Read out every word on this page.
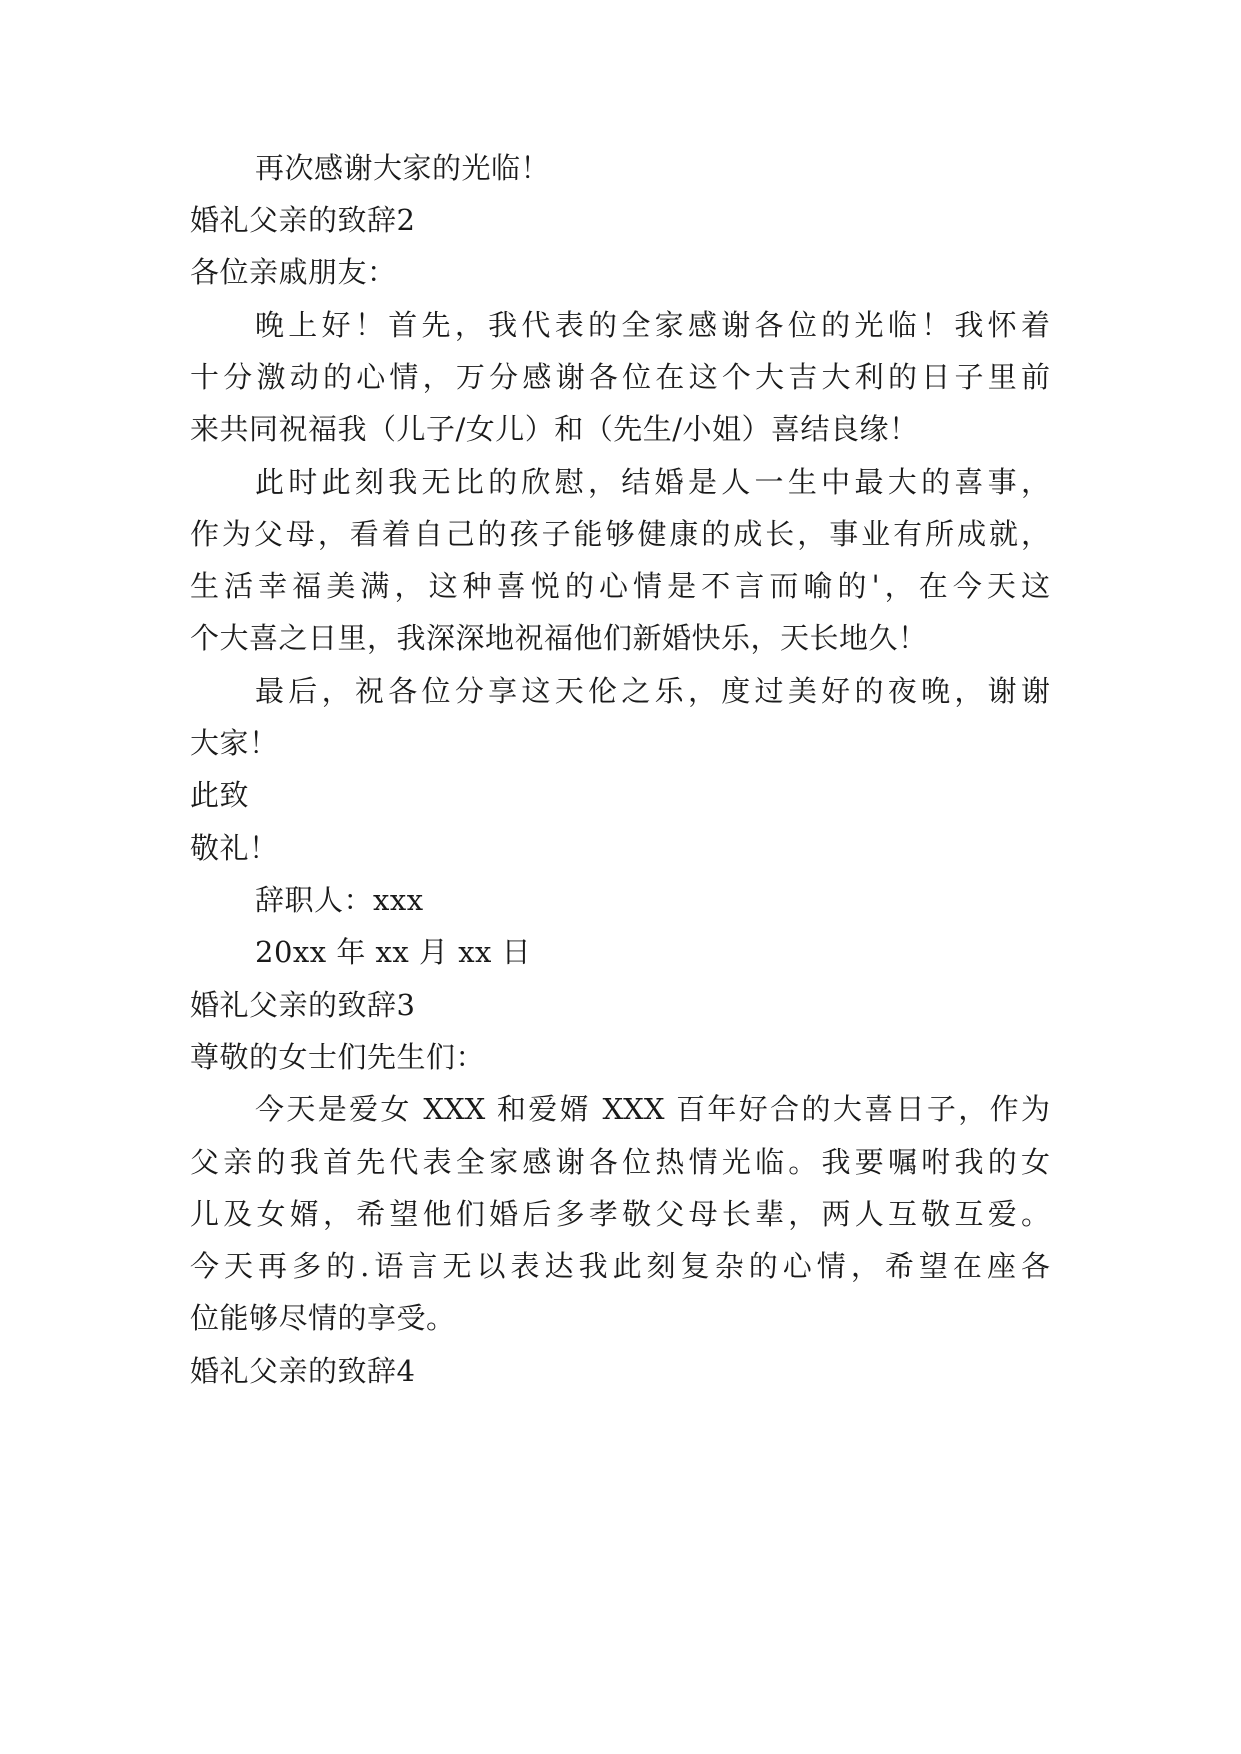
再次感谢大家的光临！
婚礼父亲的致辞2
各位亲戚朋友：
晚上好！首先，我代表的全家感谢各位的光临！我怀着
十分激动的心情，万分感谢各位在这个大吉大利的日子里前
来共同祝福我（儿子/女儿）和（先生/小姐）喜结良缘！
此时此刻我无比的欣慰，结婚是人一生中最大的喜事，
作为父母，看着自己的孩子能够健康的成长，事业有所成就，
生活幸福美满，这种喜悦的心情是不言而喻的'，在今天这
个大喜之日里，我深深地祝福他们新婚快乐，天长地久！
最后，祝各位分享这天伦之乐，度过美好的夜晚，谢谢
大家！
此致
敬礼！
辞职人：xxx
20xx 年 xx 月 xx 日
婚礼父亲的致辞3
尊敬的女士们先生们：
今天是爱女 XXX 和爱婿 XXX 百年好合的大喜日子，作为
父亲的我首先代表全家感谢各位热情光临。我要嘱咐我的女
儿及女婿，希望他们婚后多孝敬父母长辈，两人互敬互爱。
今天再多的.语言无以表达我此刻复杂的心情，希望在座各
位能够尽情的享受。
婚礼父亲的致辞4
